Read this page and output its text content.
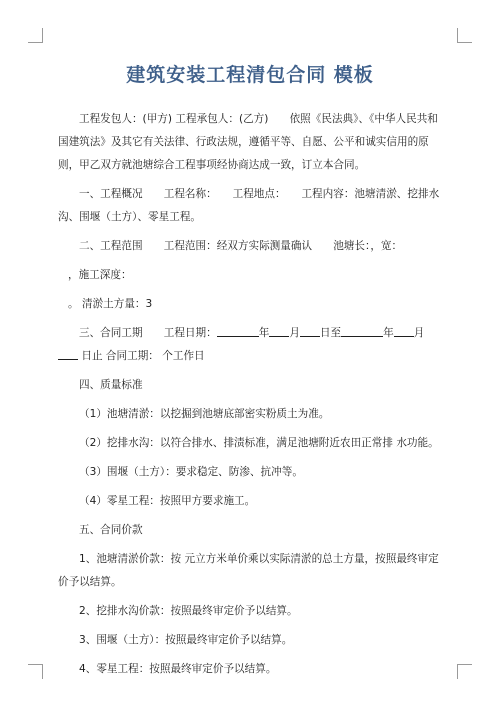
建筑安装工程清包合同 模板

工程发包人：(甲方) 工程承包人：(乙方)　　依照《民法典》、《中华人民共和国建筑法》及其它有关法律、行政法规，遵循平等、自愿、公平和诚实信用的原则，甲乙双方就池塘综合工程事项经协商达成一致，订立本合同。

一、工程概况　　工程名称：　　工程地点：　　工程内容：池塘清淤、挖排水沟、围堰（土方）、零星工程。

二、工程范围　　工程范围：经双方实际测量确认　　池塘长：，宽：

，施工深度：

。 清淤土方量：3

三、合同工期　　工程日期：	年 月 日至	年 月 日止 合同工期： 个工作日

四、质量标准

（1）池塘清淤：以挖掘到池塘底部密实粉质土为准。

（2）挖排水沟：以符合排水、排渍标准，满足池塘附近农田正常排 水功能。

（3）围堰（土方）：要求稳定、防渗、抗冲等。

（4）零星工程：按照甲方要求施工。

五、合同价款

1、池塘清淤价款：按 元立方米单价乘以实际清淤的总土方量，按照最终审定价予以结算。

2、挖排水沟价款：按照最终审定价予以结算。

3、围堰（土方）：按照最终审定价予以结算。

4、零星工程：按照最终审定价予以结算。
